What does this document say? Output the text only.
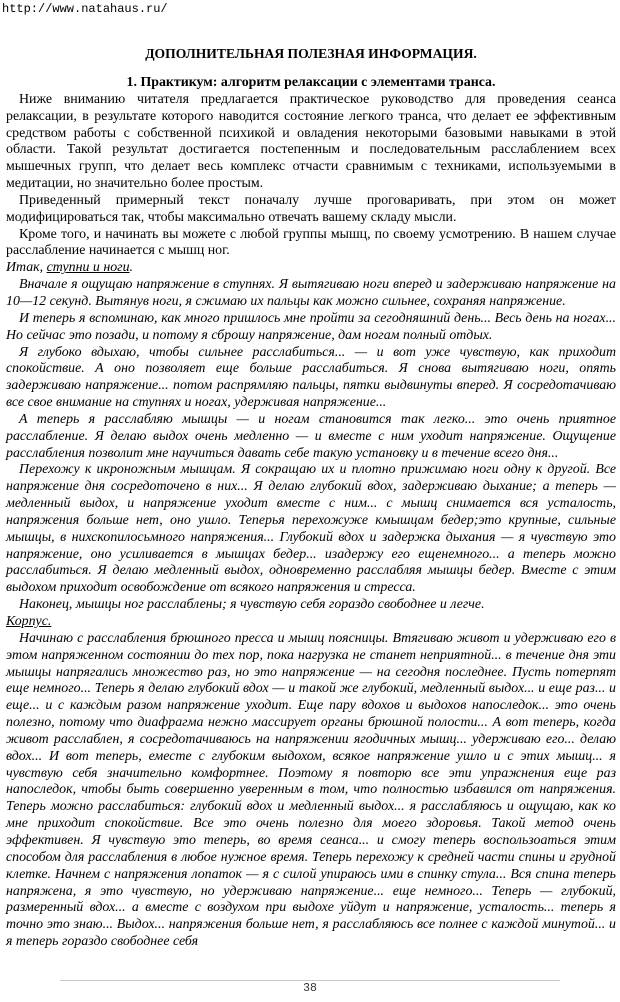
http://www.natahaus.ru/

ДОПОЛНИТЕЛЬНАЯ ПОЛЕЗНАЯ ИНФОРМАЦИЯ.

1. Практикум: алгоритм релаксации с элементами транса.

Ниже вниманию читателя предлагается практическое руководство для проведения сеанса релаксации, в результате которого наводится состояние легкого транса, что делает ее эффективным средством работы с собственной психикой и овладения некоторыми базовыми навыками в этой области. Такой результат достигается постепенным и последовательным расслаблением всех мышечных групп, что делает весь комплекс отчасти сравнимым с техниками, используемыми в медитации, но значительно более простым.

Приведенный примерный текст поначалу лучше проговаривать, при этом он может модифицироваться так, чтобы максимально отвечать вашему складу мысли.

Кроме того, и начинать вы можете с любой группы мышц, по своему усмотрению. В нашем случае расслабление начинается с мышц ног.

Итак, ступни и ноги.

Вначале я ощущаю напряжение в ступнях. Я вытягиваю ноги вперед и задерживаю напряжение на 10—12 секунд. Вытянув ноги, я сжимаю их пальцы как можно сильнее, сохраняя напряжение.

И теперь я вспоминаю, как много пришлось мне пройти за сегодняшний день... Весь день на ногах... Но сейчас это позади, и потому я сброшу напряжение, дам ногам полный отдых.

Я глубоко вдыхаю, чтобы сильнее расслабиться... — и вот уже чувствую, как приходит спокойствие. А оно позволяет еще больше расслабиться. Я снова вытягиваю ноги, опять задерживаю напряжение... потом распрямляю пальцы, пятки выдвинуты вперед. Я сосредотачиваю все свое внимание на ступнях и ногах, удерживая напряжение...

А теперь я расслабляю мышцы — и ногам становится так легко... это очень приятное расслабление. Я делаю выдох очень медленно — и вместе с ним уходит напряжение. Ощущение расслабления позволит мне научиться давать себе такую установку и в течение всего дня...

Перехожу к икроножным мышцам. Я сокращаю их и плотно прижимаю ноги одну к другой. Все напряжение дня сосредоточено в них... Я делаю глубокий вдох, задерживаю дыхание; а теперь — медленный выдох, и напряжение уходит вместе с ним... с мышц снимается вся усталость, напряжения больше нет, оно ушло. Теперья перехожуже кмышцам бедер;это крупные, сильные мышцы, в нихскопилосьмного напряжения... Глубокий вдох и задержка дыхания — я чувствую это напряжение, оно усиливается в мышцах бедер... изадержу его ещенемного... а теперь можно расслабиться. Я делаю медленный выдох, одновременно расслабляя мышцы бедер. Вместе с этим выдохом приходит освобождение от всякого напряжения и стресса.

Наконец, мышцы ног расслаблены; я чувствую себя гораздо свободнее и легче.

Корпус.

Начинаю с расслабления брюшного пресса и мышц поясницы. Втягиваю живот и удерживаю его в этом напряженном состоянии до тех пор, пока нагрузка не станет неприятной... в течение дня эти мышцы напрягались множество раз, но это напряжение — на сегодня последнее. Пусть потерпят еще немного... Теперь я делаю глубокий вдох — и такой же глубокий, медленный выдох... и еще раз... и еще... и с каждым разом напряжение уходит. Еще пару вдохов и выдохов напоследок... это очень полезно, потому что диафрагма нежно массирует органы брюшной полости... А вот теперь, когда живот расслаблен, я сосредотачиваюсь на напряжении ягодичных мышц... удерживаю его... делаю вдох... И вот теперь, еместе с глубоким выдохом, всякое напряжение ушло и с этих мышц... я чувствую себя значительно комфортнее. Поэтому я повторю все эти упражнения еще раз напоследок, чтобы быть совершенно уверенным в том, что полностью избавился от напряжения. Теперь можно расслабиться: глубокий вдох и медленный выдох... я расслабляюсь и ощущаю, как ко мне приходит спокойствие. Все это очень полезно для моего здоровья. Такой метод очень эффективен. Я чувствую это теперь, во время сеанса... и смогу теперь воспользоаться этим способом для расслабления в любое нужное время. Теперь перехожу к средней части спины и грудной клетке. Начнем с напряжения лопаток — я с силой упираюсь ими в спинку стула... Вся спина теперь напряжена, я это чувствую, но удерживаю напряжение... еще немного... Теперь — глубокий, размеренный вдох... а вместе с воздухом при выдохе уйдут и напряжение, усталость... теперь я точно это знаю... Выдох... напряжения больше нет, я расслабляюсь все полнее с каждой минутой... и я теперь гораздо свободнее себя

38
